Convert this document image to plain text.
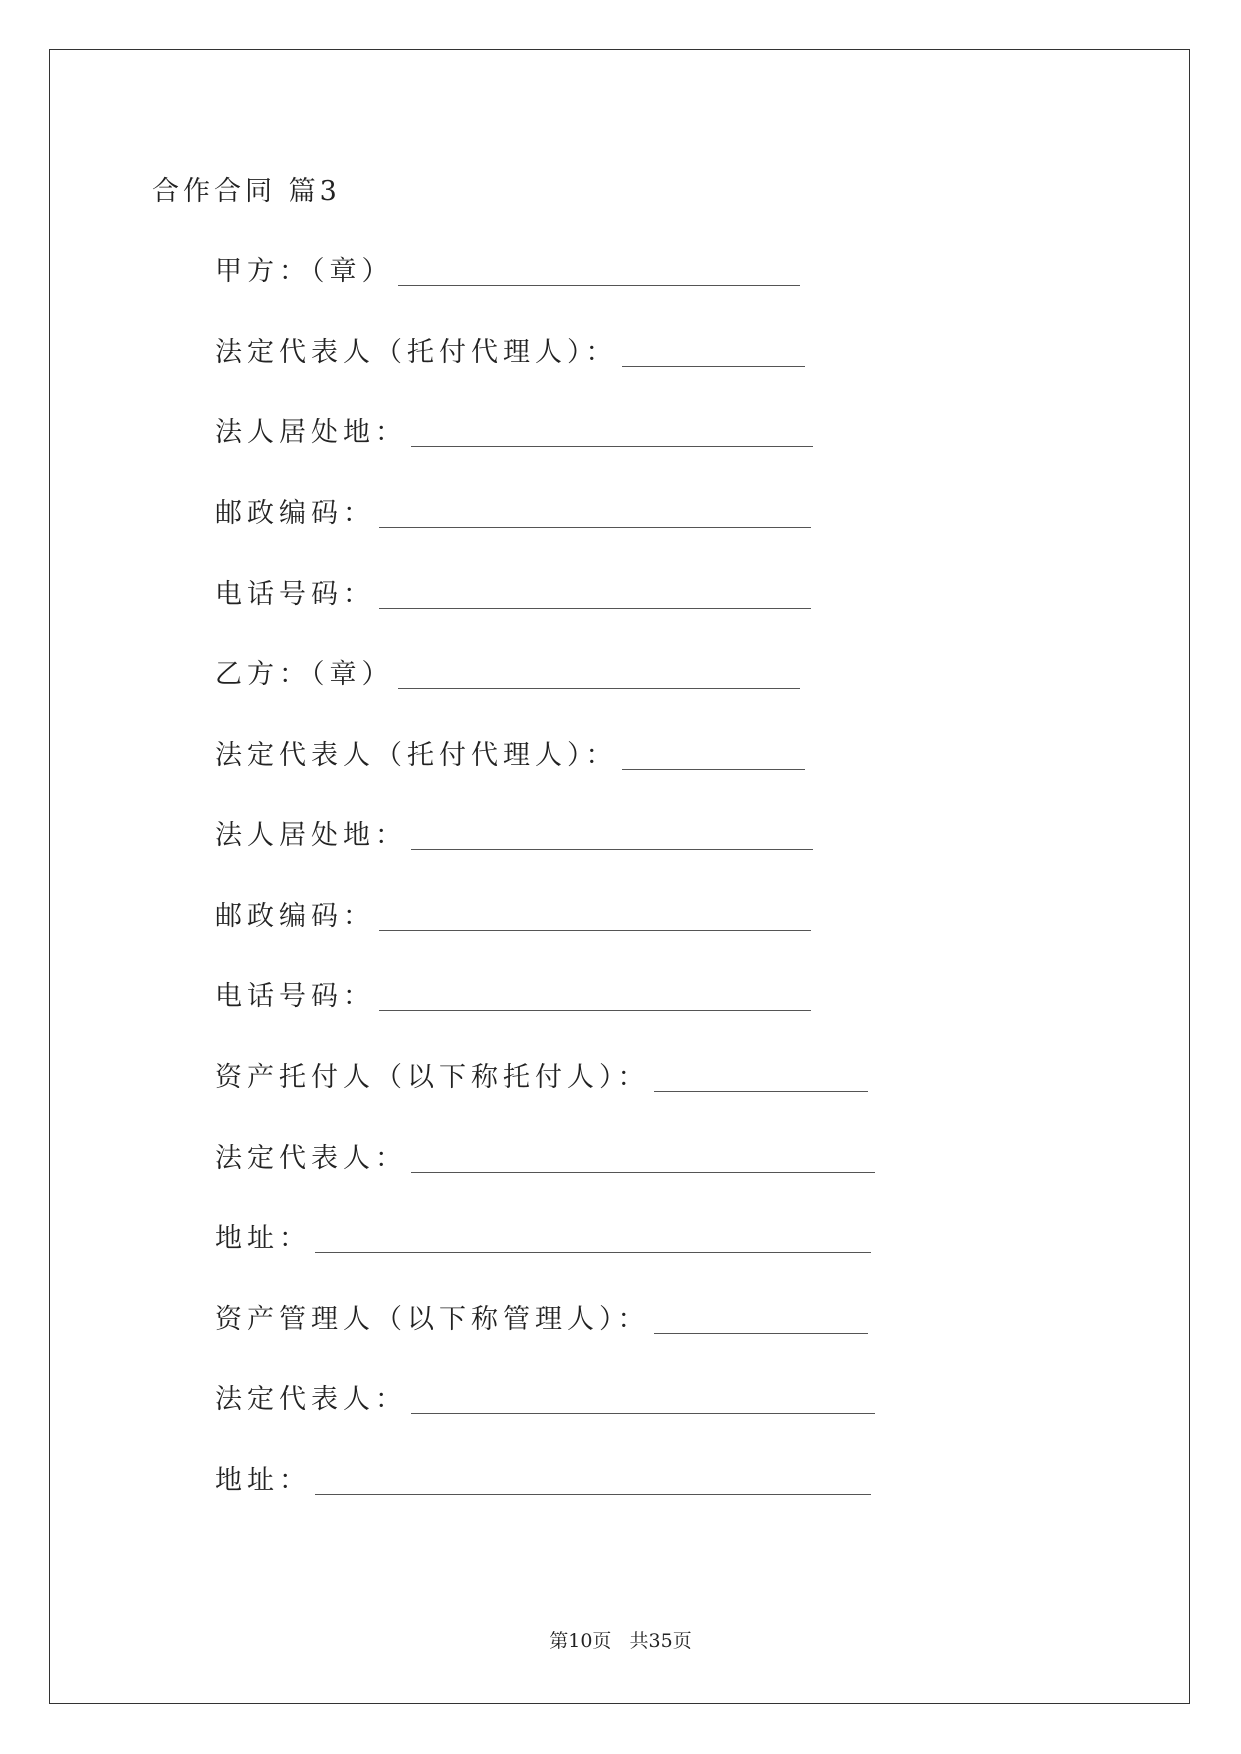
合作合同 篇3
甲方：（章）
法定代表人（托付代理人）：
法人居处地：
邮政编码：
电话号码：
乙方：（章）
法定代表人（托付代理人）：
法人居处地：
邮政编码：
电话号码：
资产托付人（以下称托付人）：
法定代表人：
地址：
资产管理人（以下称管理人）：
法定代表人：
地址：
第10页   共35页
